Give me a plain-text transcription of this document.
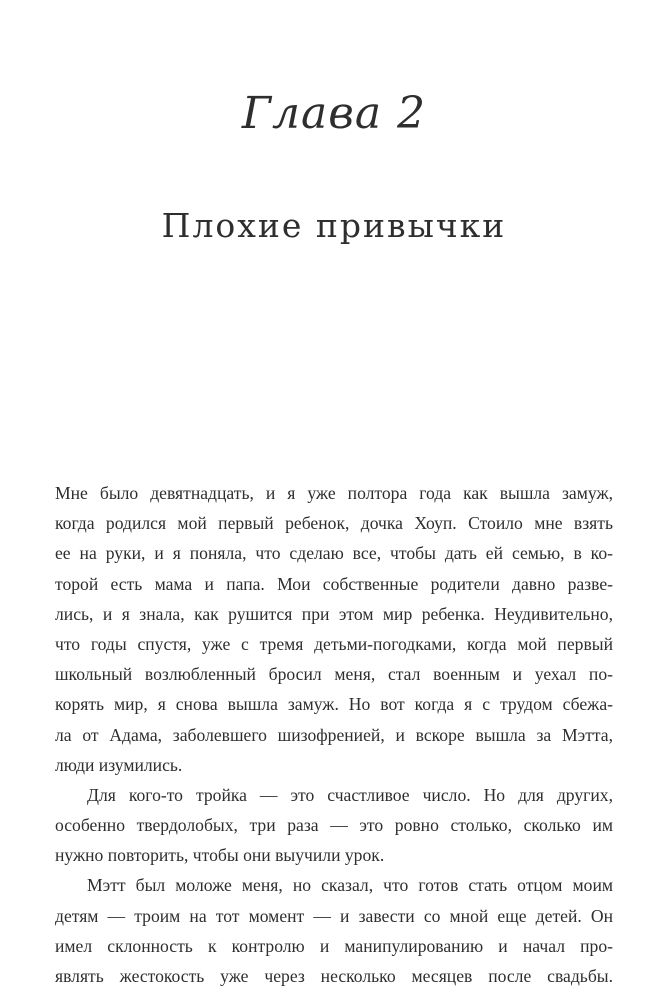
Глава 2
Плохие привычки

Мне было девятнадцать, и я уже полтора года как вышла замуж,
когда родился мой первый ребенок, дочка Хоуп. Стоило мне взять
ее на руки, и я поняла, что сделаю все, чтобы дать ей семью, в ко-
торой есть мама и папа. Мои собственные родители давно разве-
лись, и я знала, как рушится при этом мир ребенка. Неудивительно,
что годы спустя, уже с тремя детьми-погодками, когда мой первый
школьный возлюбленный бросил меня, стал военным и уехал по-
корять мир, я снова вышла замуж. Но вот когда я с трудом сбежа-
ла от Адама, заболевшего шизофренией, и вскоре вышла за Мэтта,
люди изумились.

Для кого-то тройка — это счастливое число. Но для других,
особенно твердолобых, три раза — это ровно столько, сколько им
нужно повторить, чтобы они выучили урок.

Мэтт был моложе меня, но сказал, что готов стать отцом моим
детям — троим на тот момент — и завести со мной еще детей. Он
имел склонность к контролю и манипулированию и начал про-
являть жестокость уже через несколько месяцев после свадьбы.
